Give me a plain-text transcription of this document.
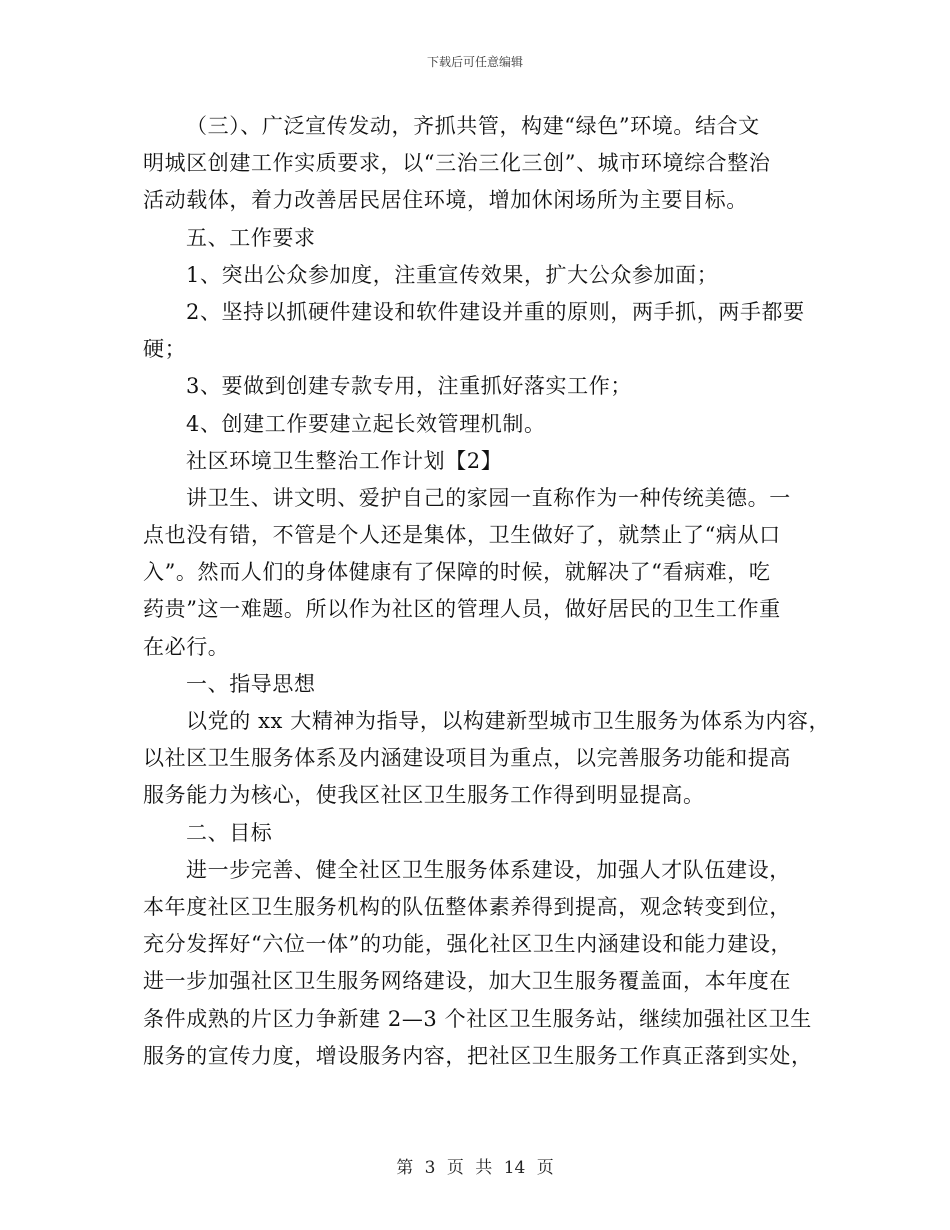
下载后可任意编辑
（三）、广泛宣传发动，齐抓共管，构建“绿色”环境。结合文
明城区创建工作实质要求，以“三治三化三创”、城市环境综合整治
活动载体，着力改善居民居住环境，增加休闲场所为主要目标。
五、工作要求
1、突出公众参加度，注重宣传效果，扩大公众参加面；
2、坚持以抓硬件建设和软件建设并重的原则，两手抓，两手都要
硬；
3、要做到创建专款专用，注重抓好落实工作；
4、创建工作要建立起长效管理机制。
社区环境卫生整治工作计划【2】
讲卫生、讲文明、爱护自己的家园一直称作为一种传统美德。一
点也没有错，不管是个人还是集体，卫生做好了，就禁止了“病从口
入”。然而人们的身体健康有了保障的时候，就解决了“看病难，吃
药贵”这一难题。所以作为社区的管理人员，做好居民的卫生工作重
在必行。
一、指导思想
以党的 xx 大精神为指导，以构建新型城市卫生服务为体系为内容，
以社区卫生服务体系及内涵建设项目为重点，以完善服务功能和提高
服务能力为核心，使我区社区卫生服务工作得到明显提高。
二、目标
进一步完善、健全社区卫生服务体系建设，加强人才队伍建设，
本年度社区卫生服务机构的队伍整体素养得到提高，观念转变到位，
充分发挥好“六位一体”的功能，强化社区卫生内涵建设和能力建设，
进一步加强社区卫生服务网络建设，加大卫生服务覆盖面，本年度在
条件成熟的片区力争新建 2—3 个社区卫生服务站，继续加强社区卫生
服务的宣传力度，增设服务内容，把社区卫生服务工作真正落到实处，
第 3 页 共 14 页
